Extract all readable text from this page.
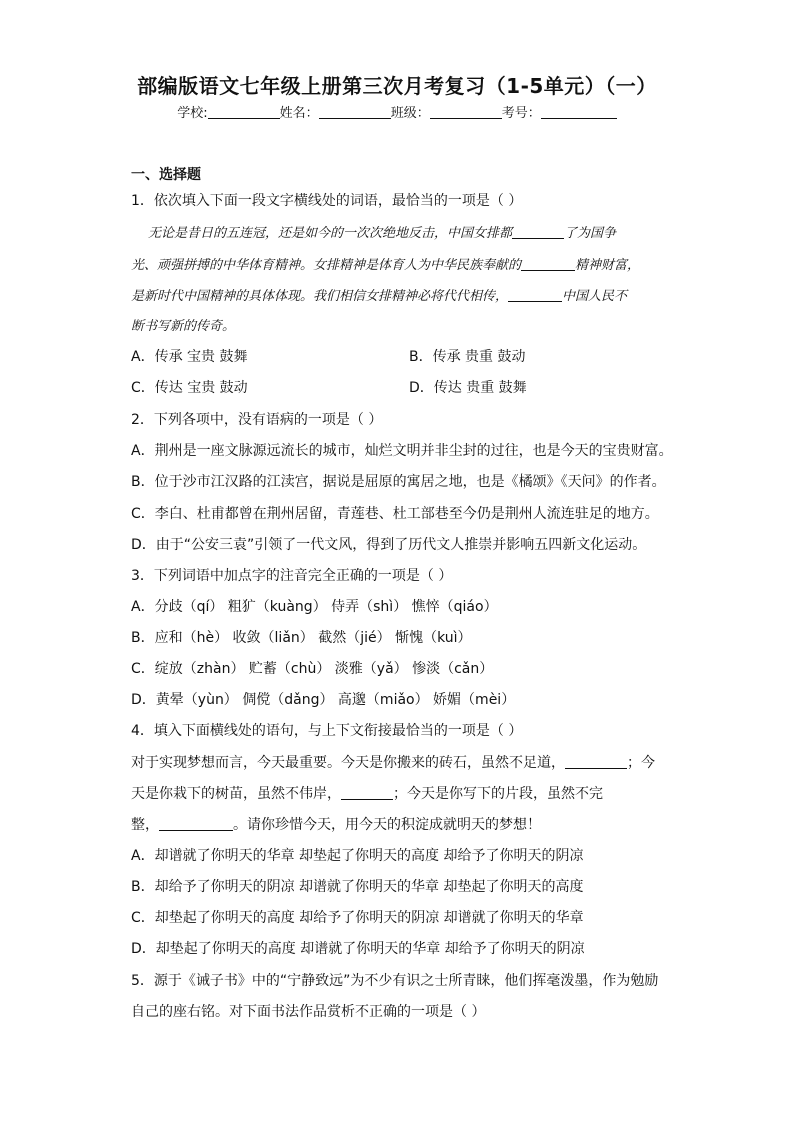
部编版语文七年级上册第三次月考复习（1-5单元）（一）
学校:	姓名：	班级：	考号：
一、选择题
1．依次填入下面一段文字横线处的词语，最恰当的一项是（ ）
无论是昔日的五连冠，还是如今的一次次绝地反击，中国女排都	了为国争
光、顽强拼搏的中华体育精神。女排精神是体育人为中华民族奉献的	精神财富，
是新时代中国精神的具体体现。我们相信女排精神必将代代相传，	中国人民不
断书写新的传奇。
A．传承 宝贵 鼓舞	B．传承 贵重 鼓动
C．传达 宝贵 鼓动	D．传达 贵重 鼓舞
2．下列各项中，没有语病的一项是（ ）
A．荆州是一座文脉源远流长的城市，灿烂文明并非尘封的过往，也是今天的宝贵财富。
B．位于沙市江汉路的江渎宫，据说是屈原的寓居之地，也是《橘颂》《天问》的作者。
C．李白、杜甫都曾在荆州居留，青莲巷、杜工部巷至今仍是荆州人流连驻足的地方。
D．由于“公安三袁”引领了一代文风，得到了历代文人推崇并影响五四新文化运动。
3．下列词语中加点字的注音完全正确的一项是（ ）
A．分歧（qí） 粗犷（kuàng） 侍弄（shì） 憔悴（qiáo）
B．应和（hè） 收敛（liǎn） 截然（jié） 惭愧（kuì）
C．绽放（zhàn） 贮蓄（chù） 淡雅（yǎ） 惨淡（cǎn）
D．黄晕（yùn） 倜傥（dǎng） 高邈（miǎo） 娇媚（mèi）
4．填入下面横线处的语句，与上下文衔接最恰当的一项是（ ）
对于实现梦想而言，今天最重要。今天是你搬来的砖石，虽然不足道，	；今
天是你栽下的树苗，虽然不伟岸，	；今天是你写下的片段，虽然不完
整，	。请你珍惜今天，用今天的积淀成就明天的梦想！
A．却谱就了你明天的华章 却垫起了你明天的高度 却给予了你明天的阴凉
B．却给予了你明天的阴凉 却谱就了你明天的华章 却垫起了你明天的高度
C．却垫起了你明天的高度 却给予了你明天的阴凉 却谱就了你明天的华章
D．却垫起了你明天的高度 却谱就了你明天的华章 却给予了你明天的阴凉
5．源于《诫子书》中的“宁静致远”为不少有识之士所青睐，他们挥毫泼墨，作为勉励
自己的座右铭。对下面书法作品赏析不正确的一项是（ ）
